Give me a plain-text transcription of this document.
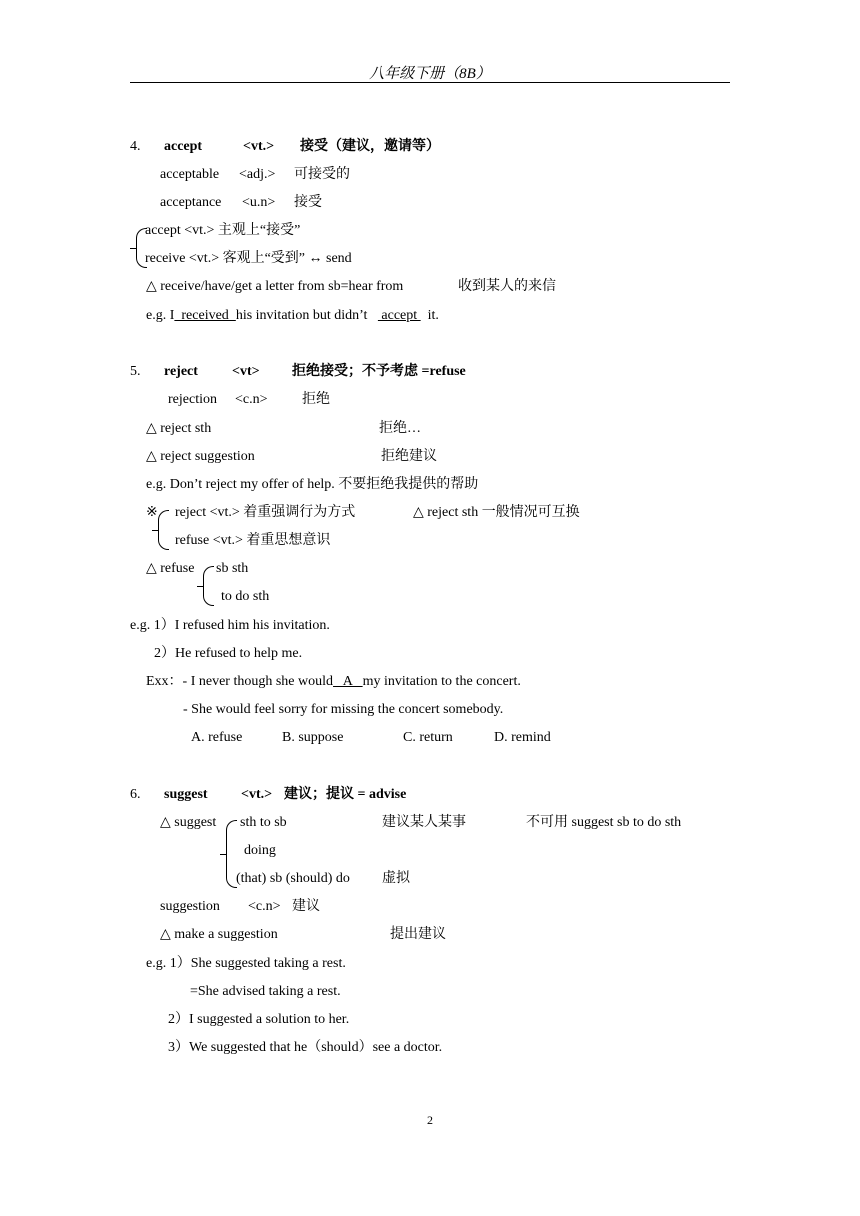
八年级下册（8B）
4. accept	<vt.> 接受（建议，邀请等）
acceptable <adj.> 可接受的
acceptance <u.n> 接受
accept <vt.> 主观上“接受”
receive <vt.> 客观上“受到” ↔ send
△ receive/have/get a letter from sb=hear from	收到某人的来信
e.g. I  received  his invitation but didn’t    accept   it.
5. reject <vt> 拒绝接受；不予考虑 =refuse
rejection <c.n> 拒绝
△ reject sth	拒绝…
△ reject suggestion	拒绝建议
e.g. Don’t reject my offer of help. 不要拒绝我提供的帮助
※ reject <vt.> 着重强调行为方式	△ reject sth 一般情况可互换
refuse <vt.> 着重思想意识
△ refuse sb sth
to do sth
e.g. 1）I refused him his invitation.
2）He refused to help me.
Exx：- I never though she would   A   my invitation to the concert.
- She would feel sorry for missing the concert somebody.
A. refuse	B. suppose	C. return	D. remind
6. suggest <vt.> 建议；提议 = advise
△ suggest sth to sb	建议某人某事	不可用 suggest sb to do sth
doing
(that) sb (should) do 虚拟
suggestion <c.n> 建议
△ make a suggestion	提出建议
e.g. 1）She suggested taking a rest.
=She advised taking a rest.
2）I suggested a solution to her.
3）We suggested that he（should）see a doctor.
2
